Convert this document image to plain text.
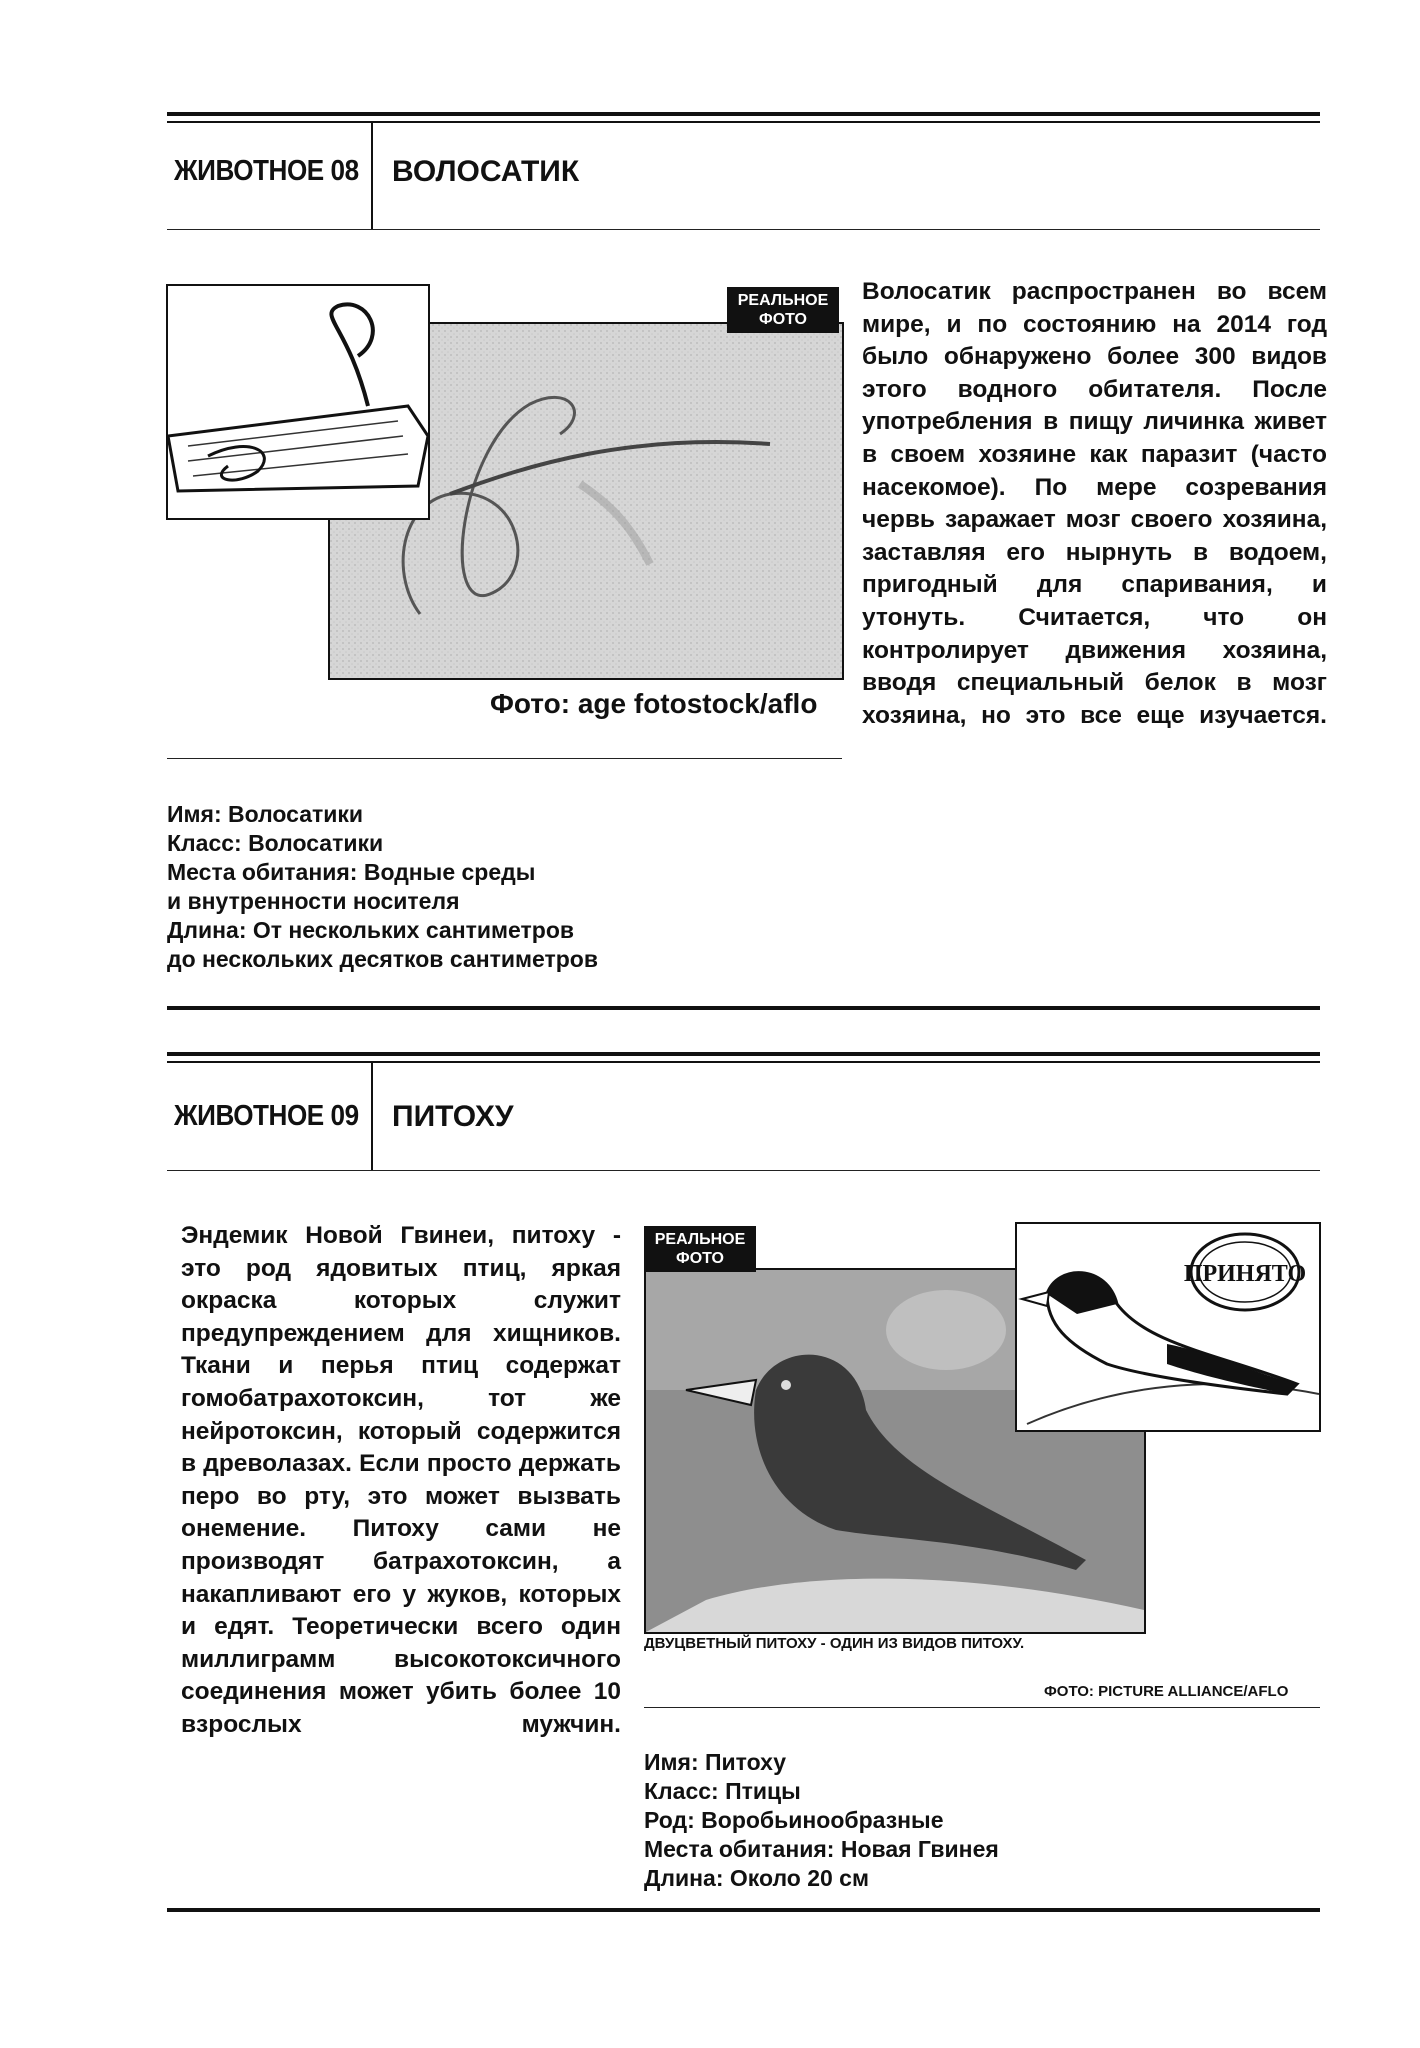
ЖИВОТНОЕ 08 ВОЛОСАТИК
РЕАЛЬНОЕ
ФОТО
Фото: age fotostock/aflo
Волосатик распространен во всем мире, и по состоянию на 2014 год было обнаружено более 300 видов этого водного обитателя. После употребления в пищу личинка живет в своем хозяине как паразит (часто насекомое). По мере созревания червь заражает мозг своего хозяина, заставляя его нырнуть в водоем, пригодный для спаривания, и утонуть. Считается, что он контролирует движения хозяина, вводя специальный белок в мозг хозяина, но это все еще изучается.
Имя: Волосатики
Класс: Волосатики
Места обитания: Водные среды
и внутренности носителя
Длина: От нескольких сантиметров
до нескольких десятков сантиметров
ЖИВОТНОЕ 09 ПИТОХУ
Эндемик Новой Гвинеи, питоху - это род ядовитых птиц, яркая окраска которых служит предупреждением для хищников. Ткани и перья птиц содержат гомобатрахотоксин, тот же нейротоксин, который содержится в древолазах. Если просто держать перо во рту, это может вызвать онемение. Питоху сами не производят батрахотоксин, а накапливают его у жуков, которых и едят. Теоретически всего один миллиграмм высокотоксичного соединения может убить более 10 взрослых мужчин.
РЕАЛЬНОЕ
ФОТО
ПРИНЯТО
ДВУЦВЕТНЫЙ ПИТОХУ - ОДИН ИЗ ВИДОВ ПИТОХУ.
ФОТО: PICTURE ALLIANCE/AFLO
Имя: Питоху
Класс: Птицы
Род: Воробьинообразные
Места обитания: Новая Гвинея
Длина: Около 20 см
